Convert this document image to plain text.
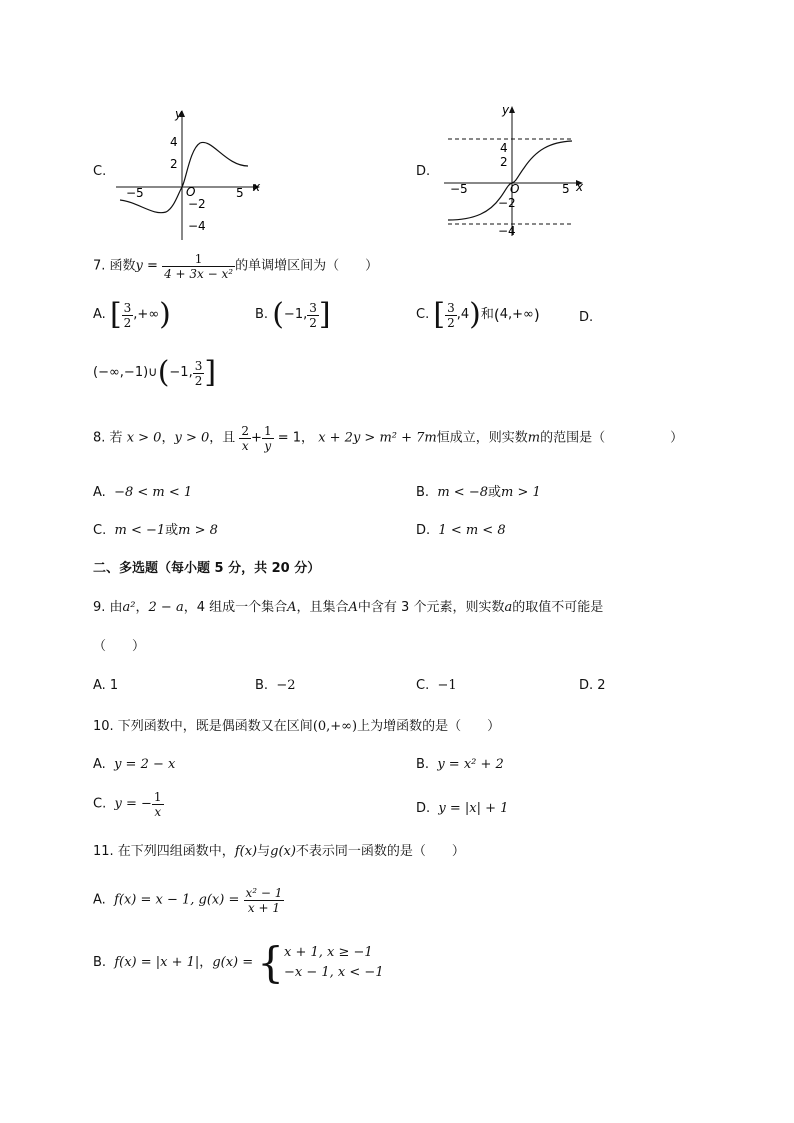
C.
y
x
O
−5	5
4
2
−2
−4
D.
y
x
O
−5	5
4
2
−2
−4
7. 函数$y = \frac{1}{\text{4 + 3x − x²}}$ 的单调增区间为（　　）
A. [ $\frac{3}{2}$ ,+∞)	B. (−1, $\frac{3}{2}$ ]	C. [ $\frac{3}{2} ,4$)和(4,+∞)	D.
(−∞,−1)∪(−1, $\frac{3}{2}$ ]
8. 若 x > 0，y > 0，且 $\frac{2}{x} + \frac{1}{y} = 1$， x + 2y > m² + 7m恒成立，则实数m的范围是（　　　　　）
A. −8 < m < 1	B. m < −8或m > 1
C. m < −1或m > 8	D. 1 < m < 8
二、多选题（每小题 5 分，共 20 分）
9. 由a²，2 − a，4 组成一个集合A，且集合A中含有 3 个元素，则实数a的取值不可能是
（　　）
A. 1	B. −2	C. −1	D. 2
10. 下列函数中，既是偶函数又在区间(0,+∞)上为增函数的是（　　）
A. y = 2 − x	B. y = x² + 2
C. y = − $\frac{1}{x}$	D. y = |x| + 1
11. 在下列四组函数中，f(x)与g(x)不表示同一函数的是（　　）
A. f(x) = x − 1, $g(x) = \frac{\text{x² − 1}}{x + 1}$
B. f(x) = |x + 1|，g(x) = { x + 1, x ≥ −1
−x − 1, x < −1
